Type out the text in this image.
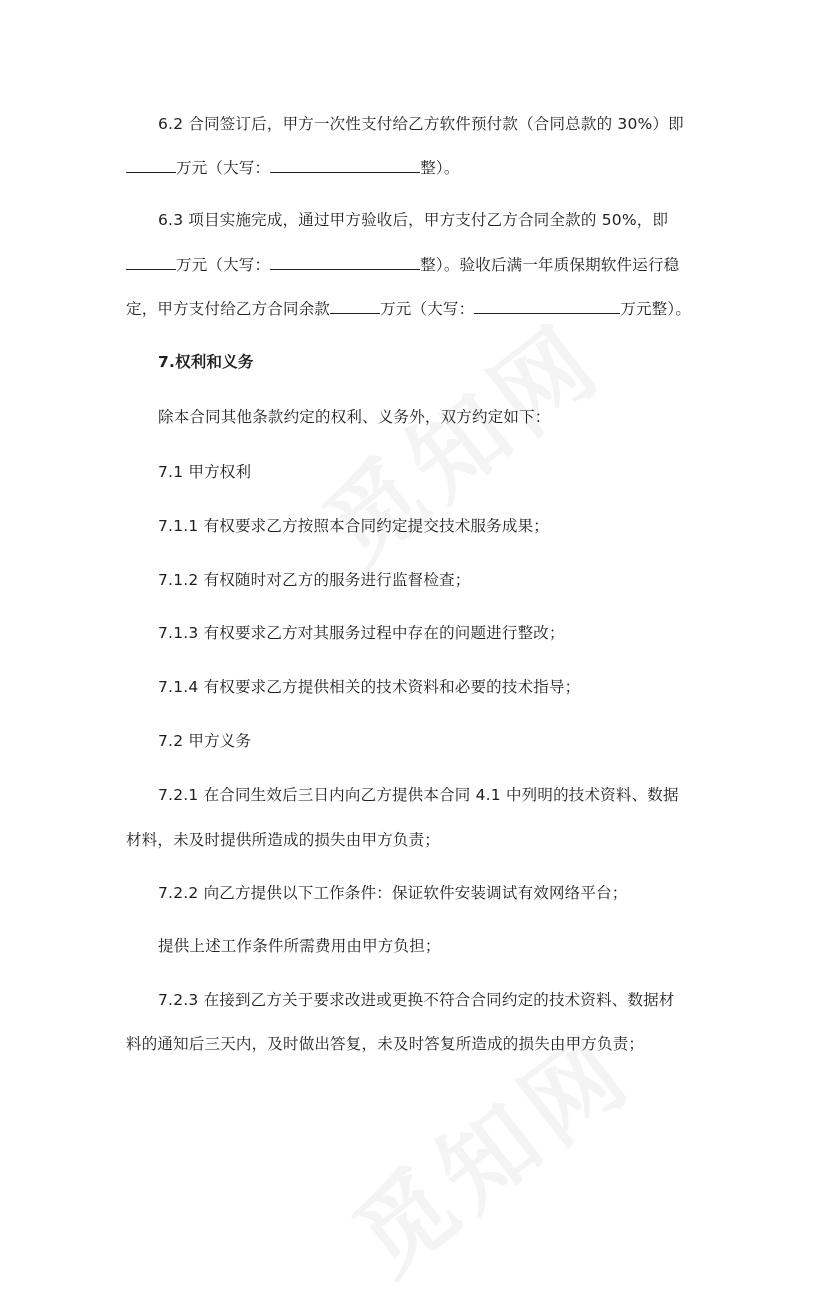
6.2 合同签订后，甲方一次性支付给乙方软件预付款（合同总款的 30%）即
万元（大写：	整）。
6.3 项目实施完成，通过甲方验收后，甲方支付乙方合同全款的 50%，即
万元（大写：	整）。验收后满一年质保期软件运行稳
定，甲方支付给乙方合同余款	万元（大写：	万元整）。
7.权利和义务
除本合同其他条款约定的权利、义务外，双方约定如下：
7.1 甲方权利
7.1.1 有权要求乙方按照本合同约定提交技术服务成果；
7.1.2 有权随时对乙方的服务进行监督检查；
7.1.3 有权要求乙方对其服务过程中存在的问题进行整改；
7.1.4 有权要求乙方提供相关的技术资料和必要的技术指导；
7.2 甲方义务
7.2.1 在合同生效后三日内向乙方提供本合同 4.1 中列明的技术资料、数据
材料，未及时提供所造成的损失由甲方负责；
7.2.2 向乙方提供以下工作条件：保证软件安装调试有效网络平台；
提供上述工作条件所需费用由甲方负担；
7.2.3 在接到乙方关于要求改进或更换不符合合同约定的技术资料、数据材
料的通知后三天内，及时做出答复，未及时答复所造成的损失由甲方负责；
